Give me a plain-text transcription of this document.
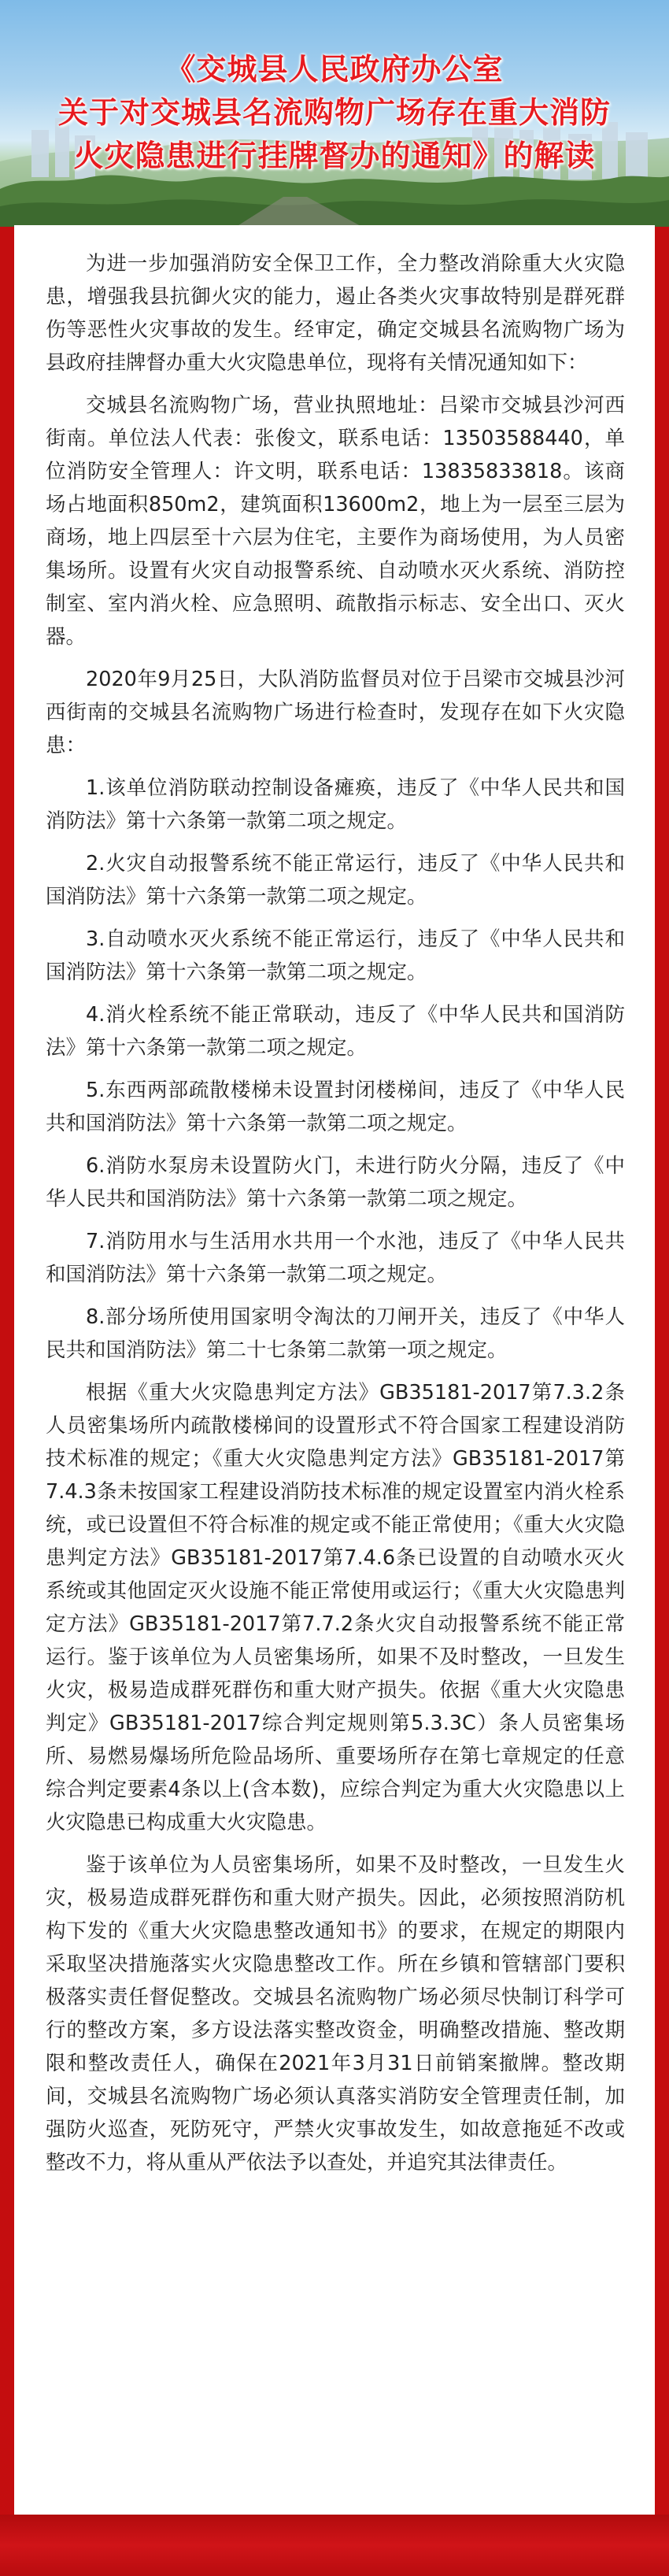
《交城县人民政府办公室
关于对交城县名流购物广场存在重大消防
火灾隐患进行挂牌督办的通知》的解读

为进一步加强消防安全保卫工作，全力整改消除重大火灾隐患，增强我县抗御火灾的能力，遏止各类火灾事故特别是群死群 伤等恶性火灾事故的发生。经审定，确定交城县名流购物广场为县政府挂牌督办重大火灾隐患单位，现将有关情况通知如下：

交城县名流购物广场，营业执照地址：吕梁市交城县沙河西街南。单位法人代表：张俊文，联系电话：13503588440，单位消防安全管理人：许文明，联系电话：13835833818。该商场占地面积850m2，建筑面积13600m2，地上为一层至三层为商场，地上四层至十六层为住宅，主要作为商场使用，为人员密集场所。设置有火灾自动报警系统、自动喷水灭火系统、消防控制室、室内消火栓、应急照明、疏散指示标志、安全出口、灭火器。

2020年9月25日，大队消防监督员对位于吕梁市交城县沙河西街南的交城县名流购物广场进行检查时，发现存在如下火灾隐患：

1.该单位消防联动控制设备瘫痪，违反了《中华人民共和国消防法》第十六条第一款第二项之规定。

2.火灾自动报警系统不能正常运行，违反了《中华人民共和国消防法》第十六条第一款第二项之规定。

3.自动喷水灭火系统不能正常运行，违反了《中华人民共和国消防法》第十六条第一款第二项之规定。

4.消火栓系统不能正常联动，违反了《中华人民共和国消防法》第十六条第一款第二项之规定。

5.东西两部疏散楼梯未设置封闭楼梯间，违反了《中华人民共和国消防法》第十六条第一款第二项之规定。

6.消防水泵房未设置防火门，未进行防火分隔，违反了《中华人民共和国消防法》第十六条第一款第二项之规定。

7.消防用水与生活用水共用一个水池，违反了《中华人民共和国消防法》第十六条第一款第二项之规定。

8.部分场所使用国家明令淘汰的刀闸开关，违反了《中华人民共和国消防法》第二十七条第二款第一项之规定。

根据《重大火灾隐患判定方法》GB35181-2017第7.3.2条人员密集场所内疏散楼梯间的设置形式不符合国家工程建设消防技术标准的规定；《重大火灾隐患判定方法》GB35181-2017第7.4.3条未按国家工程建设消防技术标准的规定设置室内消火栓系统，或已设置但不符合标准的规定或不能正常使用；《重大火灾隐患判定方法》GB35181-2017第7.4.6条已设置的自动喷水灭火系统或其他固定灭火设施不能正常使用或运行；《重大火灾隐患判定方法》GB35181-2017第7.7.2条火灾自动报警系统不能正常运行。鉴于该单位为人员密集场所，如果不及时整改，一旦发生火灾，极易造成群死群伤和重大财产损失。依据《重大火灾隐患判定》GB35181-2017综合判定规则第5.3.3C）条人员密集场所、易燃易爆场所危险品场所、重要场所存在第七章规定的任意综合判定要素4条以上(含本数)，应综合判定为重大火灾隐患以上火灾隐患已构成重大火灾隐患。

鉴于该单位为人员密集场所，如果不及时整改，一旦发生火灾，极易造成群死群伤和重大财产损失。因此，必须按照消防机构下发的《重大火灾隐患整改通知书》的要求，在规定的期限内采取坚决措施落实火灾隐患整改工作。所在乡镇和管辖部门要积极落实责任督促整改。交城县名流购物广场必须尽快制订科学可行的整改方案，多方设法落实整改资金，明确整改措施、整改期限和整改责任人，确保在2021年3月31日前销案撤牌。整改期间，交城县名流购物广场必须认真落实消防安全管理责任制，加强防火巡查，死防死守，严禁火灾事故发生，如故意拖延不改或整改不力，将从重从严依法予以查处，并追究其法律责任。
